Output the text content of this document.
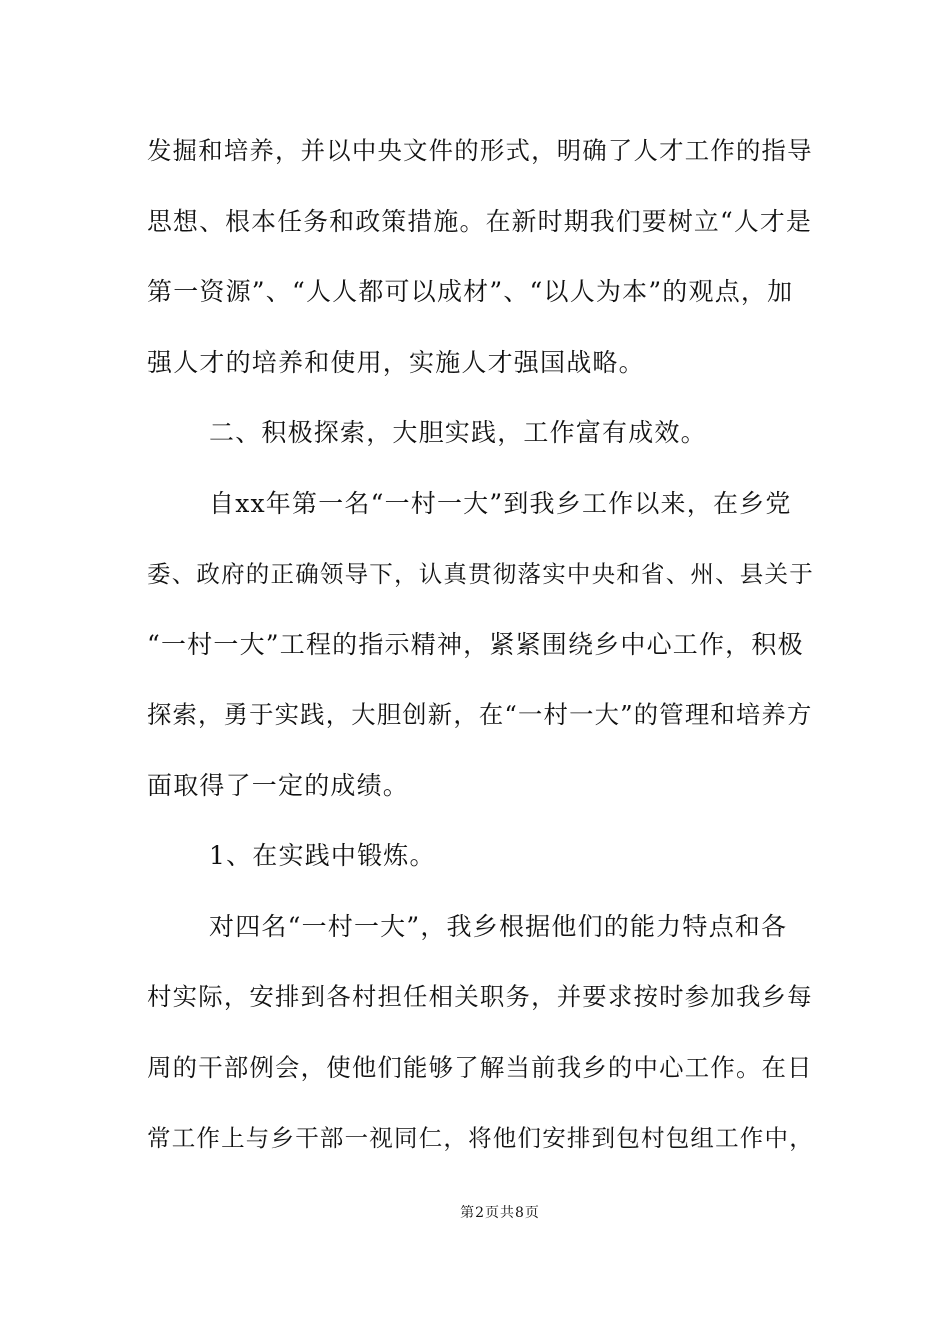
发掘和培养，并以中央文件的形式，明确了人才工作的指导
思想、根本任务和政策措施。在新时期我们要树立“人才是
第一资源”、“人人都可以成材”、“以人为本”的观点，加
强人才的培养和使用，实施人才强国战略。
二、积极探索，大胆实践，工作富有成效。
自xx年第一名“一村一大”到我乡工作以来，在乡党
委、政府的正确领导下，认真贯彻落实中央和省、州、县关于
“一村一大”工程的指示精神，紧紧围绕乡中心工作，积极
探索，勇于实践，大胆创新，在“一村一大”的管理和培养方
面取得了一定的成绩。
1、在实践中锻炼。
对四名“一村一大”，我乡根据他们的能力特点和各
村实际，安排到各村担任相关职务，并要求按时参加我乡每
周的干部例会，使他们能够了解当前我乡的中心工作。在日
常工作上与乡干部一视同仁，将他们安排到包村包组工作中，
第2页共8页
